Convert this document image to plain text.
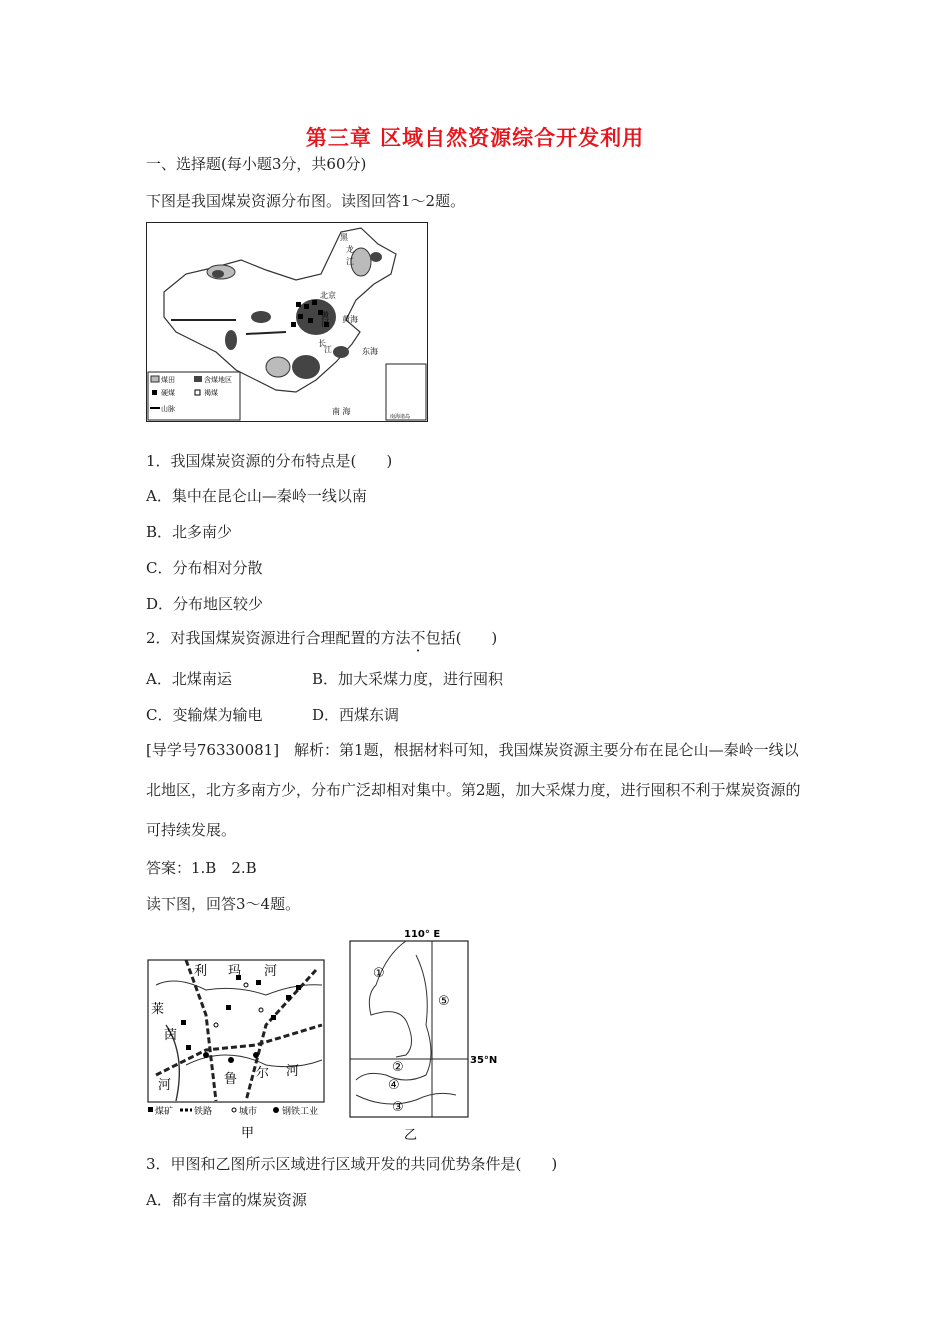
第三章 区域自然资源综合开发利用
一、选择题(每小题3分，共60分)
下图是我国煤炭资源分布图。读图回答1～2题。
黑
龙
江
北京
黄
河 黄海
长
江	东海
南 海
南海诸岛
煤田	含煤地区
硬煤	褐煤
山脉
1．我国煤炭资源的分布特点是(　　)
A．集中在昆仑山—秦岭一线以南
B．北多南少
C．分布相对分散
D．分布地区较少
2．对我国煤炭资源进行合理配置的方法不包括(　　)
A．北煤南运	B．加大采煤力度，进行囤积
C．变输煤为输电	D．西煤东调
[导学号76330081]　解析：第1题，根据材料可知，我国煤炭资源主要分布在昆仑山—秦岭一线以北地区，北方多南方少，分布广泛却相对集中。第2题，加大采煤力度，进行囤积不利于煤炭资源的可持续发展。
答案：1.B　2.B
读下图，回答3～4题。
利 玛 河
莱
茵
河	鲁 尔 河
煤矿 铁路	城市	钢铁工业
甲
110° E
①
②
③
④
⑤
35°N
乙
3．甲图和乙图所示区域进行区域开发的共同优势条件是(　　)
A．都有丰富的煤炭资源
